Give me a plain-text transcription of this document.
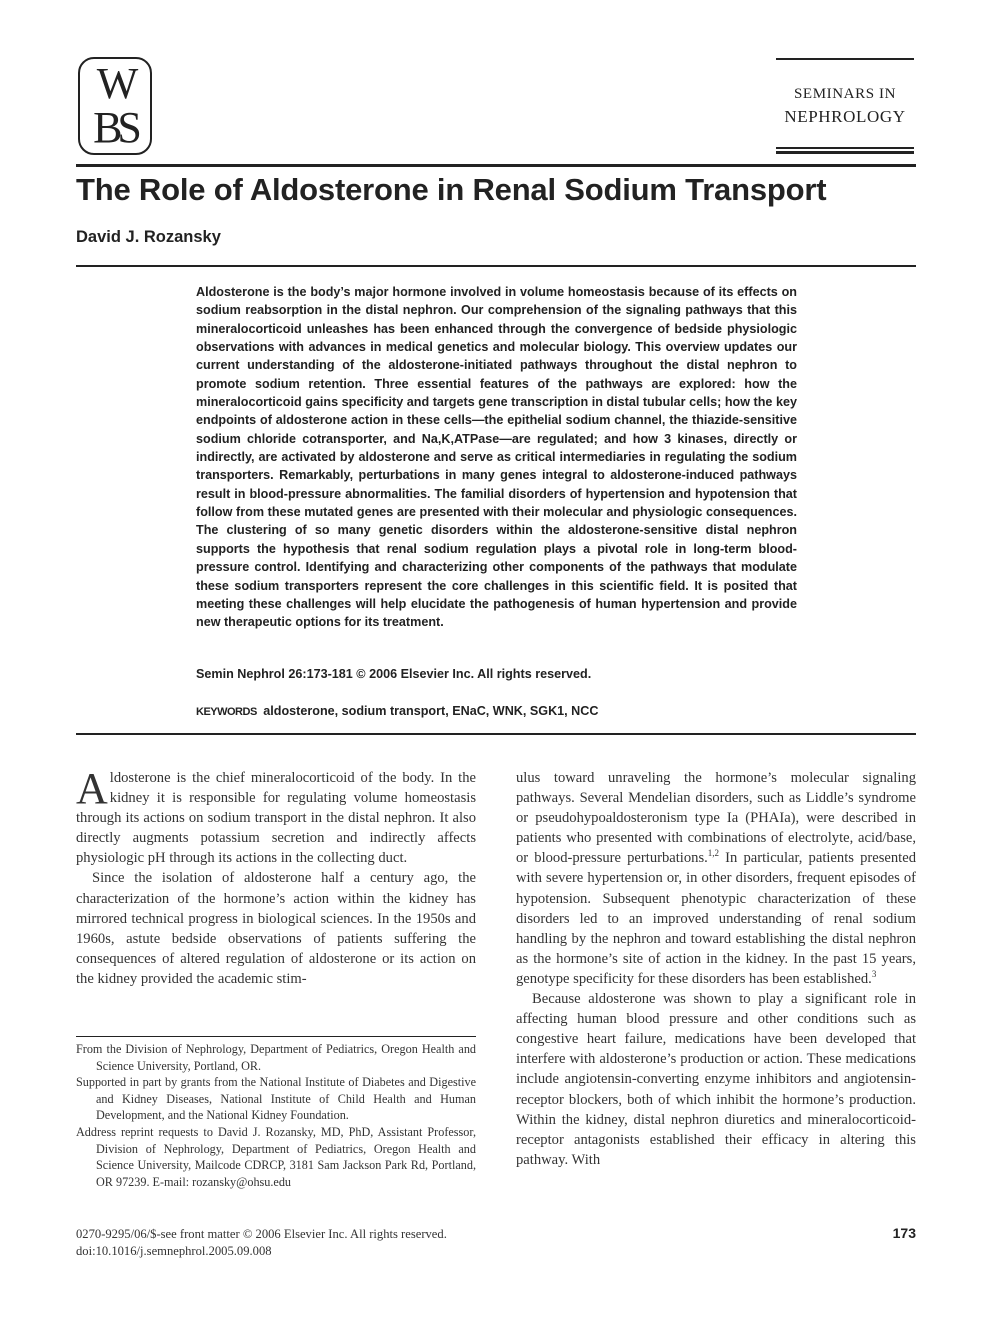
W
BS
SEMINARS IN
NEPHROLOGY
The Role of Aldosterone in Renal Sodium Transport
David J. Rozansky
Aldosterone is the body’s major hormone involved in volume homeostasis because of its effects on sodium reabsorption in the distal nephron. Our comprehension of the signaling pathways that this mineralocorticoid unleashes has been enhanced through the convergence of bedside physiologic observations with advances in medical genetics and molecular biology. This overview updates our current understanding of the aldosterone-initiated pathways throughout the distal nephron to promote sodium retention. Three essential features of the pathways are explored: how the mineralocorticoid gains specificity and targets gene transcription in distal tubular cells; how the key endpoints of aldosterone action in these cells—the epithelial sodium channel, the thiazide-sensitive sodium chloride cotransporter, and Na,K,ATPase—are regulated; and how 3 kinases, directly or indirectly, are activated by aldosterone and serve as critical intermediaries in regulating the sodium transporters. Remarkably, perturbations in many genes integral to aldosterone-induced pathways result in blood-pressure abnormalities. The familial disorders of hypertension and hypotension that follow from these mutated genes are presented with their molecular and physiologic consequences. The clustering of so many genetic disorders within the aldosterone-sensitive distal nephron supports the hypothesis that renal sodium regulation plays a pivotal role in long-term blood-pressure control. Identifying and characterizing other components of the pathways that modulate these sodium transporters represent the core challenges in this scientific field. It is posited that meeting these challenges will help elucidate the pathogenesis of human hypertension and provide new therapeutic options for its treatment.
Semin Nephrol 26:173-181 © 2006 Elsevier Inc. All rights reserved.
KEYWORDS aldosterone, sodium transport, ENaC, WNK, SGK1, NCC

Aldosterone is the chief mineralocorticoid of the body. In the kidney it is responsible for regulating volume homeostasis through its actions on sodium transport in the distal nephron. It also directly augments potassium secretion and indirectly affects physiologic pH through its actions in the collecting duct.

Since the isolation of aldosterone half a century ago, the characterization of the hormone’s action within the kidney has mirrored technical progress in biological sciences. In the 1950s and 1960s, astute bedside observations of patients suffering the consequences of altered regulation of aldosterone or its action on the kidney provided the academic stim-

ulus toward unraveling the hormone’s molecular signaling pathways. Several Mendelian disorders, such as Liddle’s syndrome or pseudohypoaldosteronism type Ia (PHAIa), were described in patients who presented with combinations of electrolyte, acid/base, or blood-pressure perturbations.$^{1,2}$ In particular, patients presented with severe hypertension or, in other disorders, frequent episodes of hypotension. Subsequent phenotypic characterization of these disorders led to an improved understanding of renal sodium handling by the nephron and toward establishing the distal nephron as the hormone’s site of action in the kidney. In the past 15 years, genotype specificity for these disorders has been established.$^3$

Because aldosterone was shown to play a significant role in affecting human blood pressure and other conditions such as congestive heart failure, medications have been developed that interfere with aldosterone’s production or action. These medications include angiotensin-converting enzyme inhibitors and angiotensin-receptor blockers, both of which inhibit the hormone’s production. Within the kidney, distal nephron diuretics and mineralocorticoid-receptor antagonists established their efficacy in altering this pathway. With

From the Division of Nephrology, Department of Pediatrics, Oregon Health and Science University, Portland, OR.

Supported in part by grants from the National Institute of Diabetes and Digestive and Kidney Diseases, National Institute of Child Health and Human Development, and the National Kidney Foundation.

Address reprint requests to David J. Rozansky, MD, PhD, Assistant Professor, Division of Nephrology, Department of Pediatrics, Oregon Health and Science University, Mailcode CDRCP, 3181 Sam Jackson Park Rd, Portland, OR 97239. E-mail: rozansky@ohsu.edu

0270-9295/06/$-see front matter © 2006 Elsevier Inc. All rights reserved.
doi:10.1016/j.semnephrol.2005.09.008
173
